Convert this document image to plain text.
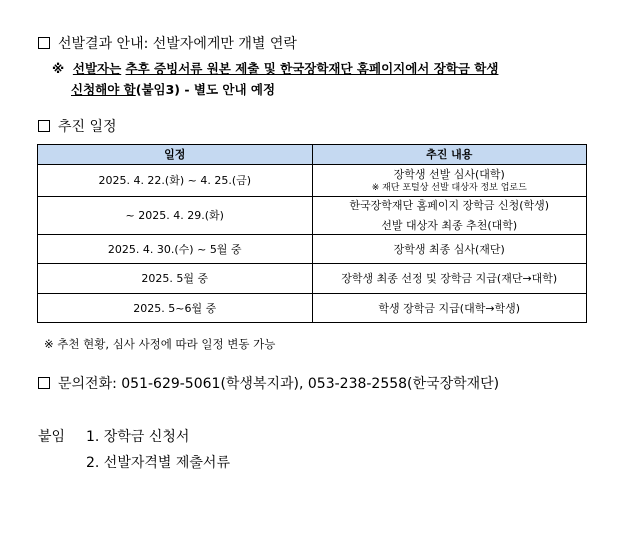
선발결과 안내: 선발자에게만 개별 연락
※ 선발자는 추후 증빙서류 원본 제출 및 한국장학재단 홈페이지에서 장학금 학생
신청해야 함(붙임3) - 별도 안내 예정
추진 일정
일정	추진 내용
2025. 4. 22.(화) ~ 4. 25.(금)	장학생 선발 심사(대학)
※ 재단 포털상 선발 대상자 정보 업로드

~ 2025. 4. 29.(화)	한국장학재단 홈페이지 장학금 신청(학생)
선발 대상자 최종 추천(대학)

2025. 4. 30.(수) ~ 5월 중	장학생 최종 심사(재단)
2025. 5월 중	장학생 최종 선정 및 장학금 지급(재단→대학)
2025. 5~6월 중	학생 장학금 지급(대학→학생)
※ 추천 현황, 심사 사정에 따라 일정 변동 가능
문의전화: 051-629-5061(학생복지과), 053-238-2558(한국장학재단)
붙임 1. 장학금 신청서
2. 선발자격별 제출서류
